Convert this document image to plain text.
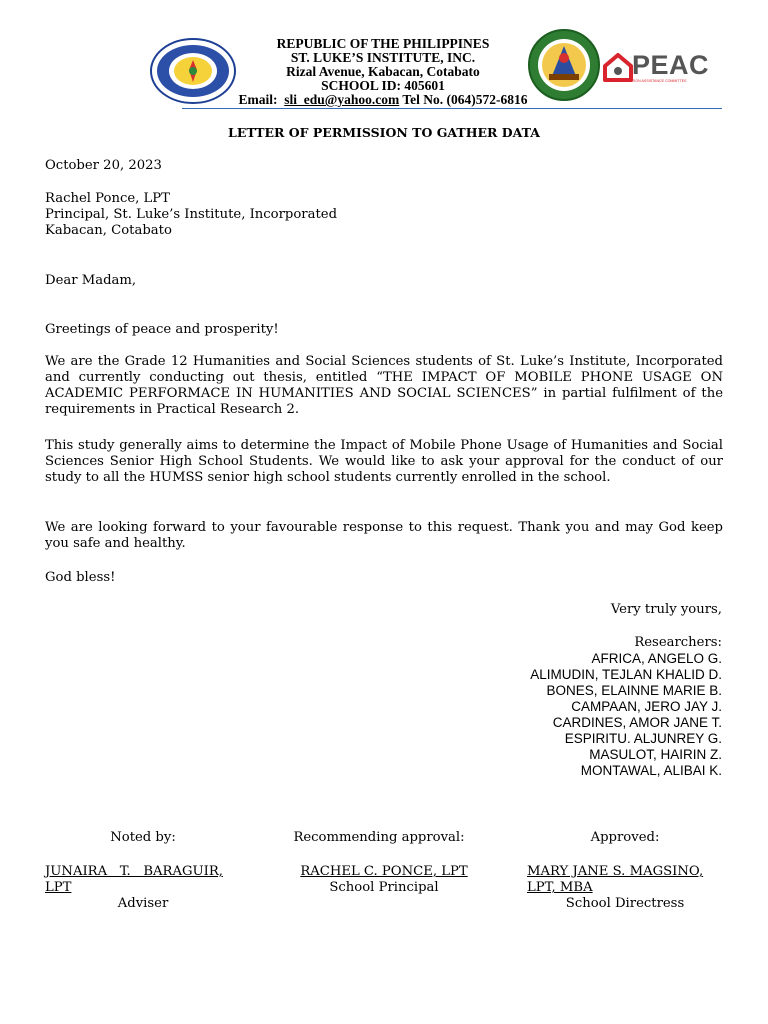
REPUBLIC OF THE PHILIPPINES
ST. LUKE’S INSTITUTE, INC.
Rizal Avenue, Kabacan, Cotabato
SCHOOL ID: 405601
Email: sli_edu@yahoo.com Tel No. (064)572-6816
PEAC
PRIVATE EDUCATION ASSISTANCE COMMITTEE
LETTER OF PERMISSION TO GATHER DATA
October 20, 2023
Rachel Ponce, LPT
Principal, St. Luke’s Institute, Incorporated
Kabacan, Cotabato
Dear Madam,
Greetings of peace and prosperity!
We are the Grade 12 Humanities and Social Sciences students of St. Luke’s Institute, Incorporated and currently conducting out thesis, entitled “THE IMPACT OF MOBILE PHONE USAGE ON ACADEMIC PERFORMACE IN HUMANITIES AND SOCIAL SCIENCES” in partial fulfilment of the requirements in Practical Research 2.
This study generally aims to determine the Impact of Mobile Phone Usage of Humanities and Social Sciences Senior High School Students. We would like to ask your approval for the conduct of our study to all the HUMSS senior high school students currently enrolled in the school.
We are looking forward to your favourable response to this request. Thank you and may God keep you safe and healthy.
God bless!
Very truly yours,
Researchers:
AFRICA, ANGELO G.
ALIMUDIN, TEJLAN KHALID D.
BONES, ELAINNE MARIE B.
CAMPAAN, JERO JAY J.
CARDINES, AMOR JANE T.
ESPIRITU. ALJUNREY G.
MASULOT, HAIRIN Z.
MONTAWAL, ALIBAI K.
Noted by:	Recommending approval:	Approved:
JUNAIRA   T.   BARAGUIR,
LPT
Adviser
RACHEL C. PONCE, LPT
School Principal
MARY JANE S. MAGSINO,
LPT, MBA
School Directress
